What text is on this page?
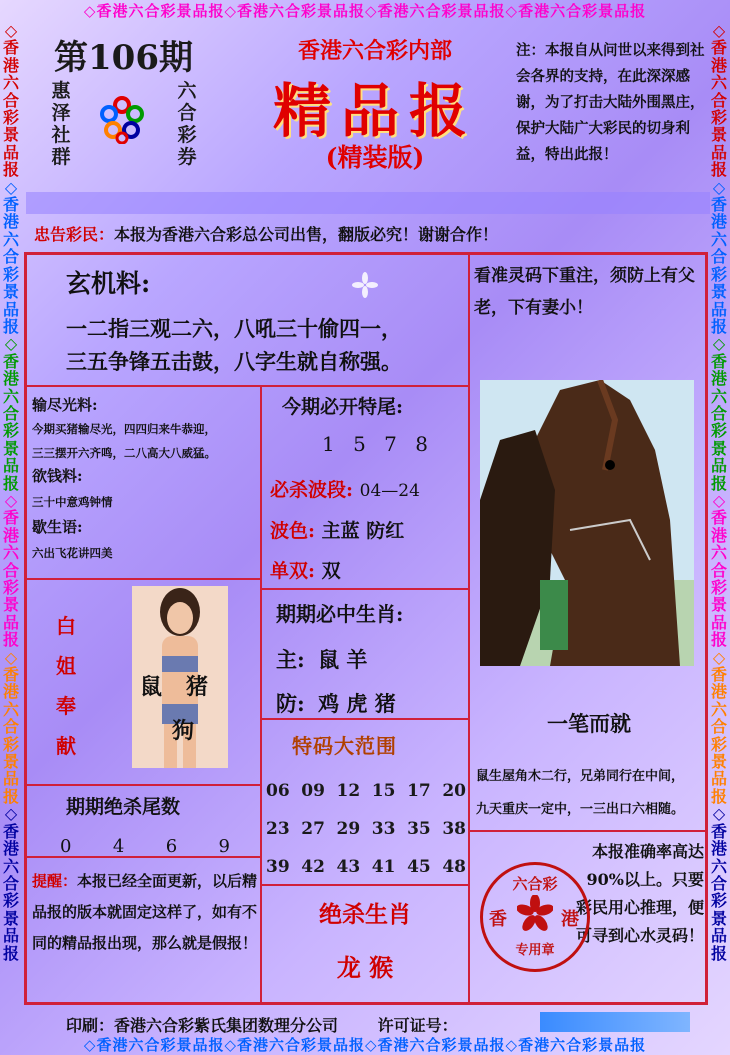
◇香港六合彩景品报◇香港六合彩景品报◇香港六合彩景品报◇香港六合彩景品报
◇香港六合彩景品报◇香港六合彩景品报◇香港六合彩景品报◇香港六合彩景品报
◇
香
港
六
合
彩
景
品
报
◇
香
港
六
合
彩
景
品
报
◇
香
港
六
合
彩
景
品
报
◇
香
港
六
合
彩
景
品
报
◇
香
港
六
合
彩
景
品
报
◇
香
港
六
合
彩
景
品
报
◇
香
港
六
合
彩
景
品
报
◇
香
港
六
合
彩
景
品
报
◇
香
港
六
合
彩
景
品
报
◇
香
港
六
合
彩
景
品
报
◇
香
港
六
合
彩
景
品
报
◇
香
港
六
合
彩
景
品
报
第106期
惠
泽
社
群
六
合
彩
券
香港六合彩内部
精品报
(精装版)
注：本报自从问世以来得到社会各界的支持，在此深深感谢，为了打击大陆外围黑庄，保护大陆广大彩民的切身利益，特出此报！
忠告彩民：本报为香港六合彩总公司出售，翻版必究！谢谢合作！
玄机料:
一二指三观二六，八吼三十偷四一，
三五争锋五击鼓，八字生就自称强。
看准灵码下重注，须防上有父老，下有妻小！
输尽光料:
今期买猪输尽光，四四归来牛恭迎，
三三摆开六齐鸣，二八高大八威猛。
欲钱料:
三十中意鸡钟情
歇生语:
六出飞花讲四美
今期必开特尾:
1 5 7 8
必杀波段: 04—24
波色: 主蓝 防红
单双: 双
期期必中生肖:
主: 鼠 羊
防: 鸡 虎 猪
白
姐
奉
献
鼠 猪
狗
特码大范围
06 09 12 15 17 20
23 27 29 33 35 38
39 42 43 41 45 48
期期绝杀尾数
0 4 6 9
提醒：本报已经全面更新，以后精品报的版本就固定这样了，如有不同的精品报出现，那么就是假报！
绝杀生肖
龙 猴
一笔而就
鼠生屋角木二行，兄弟同行在中间，
九天重庆一定中，一三出口六相随。
本报准确率高达90%以上。只要彩民用心推理，便可寻到心水灵码！
六合彩
香	港
专用章
印刷：香港六合彩紫氏集团数理分公司 许可证号：
